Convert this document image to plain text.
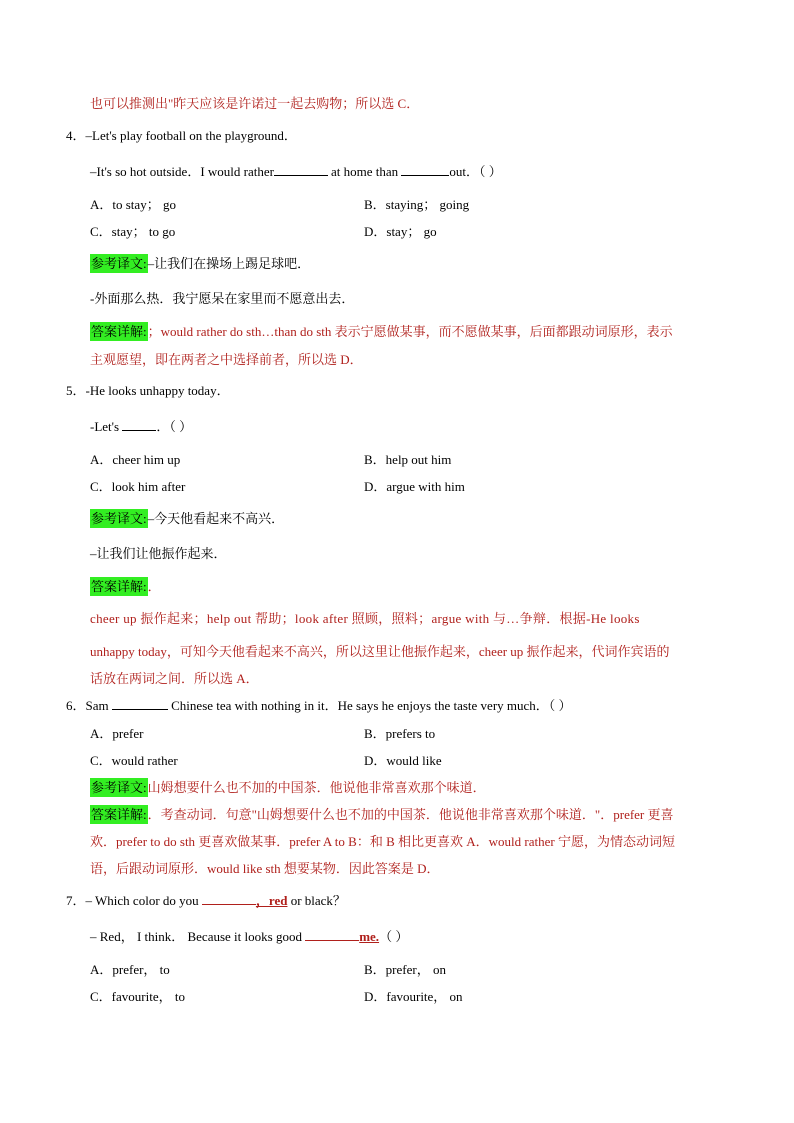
也可以推测出"昨天应该是许诺过一起去购物；所以选 C．
4．–Let's play football on the playground．
–It's so hot outside．I would rather	at home than	out．（ ）
A．to stay； go	B．staying； going
C．stay； to go	D．stay； go
参考译文:–让我们在操场上踢足球吧．
-外面那么热．我宁愿呆在家里而不愿意出去．
答案详解:；would rather do sth…than do sth 表示宁愿做某事，而不愿做某事，后面都跟动词原形，表示
主观愿望，即在两者之中选择前者，所以选 D．
5．-He looks unhappy today．
-Let's	．（ ）
A．cheer him up	B．help out him
C．look him after	D．argue with him
参考译文:–今天他看起来不高兴．
–让我们让他振作起来．
答案详解:．
cheer up 振作起来；help out 帮助；look after 照顾，照料；argue with 与…争辩．根据-He looks
unhappy today，可知今天他看起来不高兴，所以这里让他振作起来，cheer up 振作起来，代词作宾语的
话放在两词之间．所以选 A．
6．Sam	Chinese tea with nothing in it．He says he enjoys the taste very much．（ ）
A．prefer	B．prefers to
C．would rather	D．would like
参考译文:山姆想要什么也不加的中国茶．他说他非常喜欢那个味道．
答案详解:．考查动词．句意"山姆想要什么也不加的中国茶．他说他非常喜欢那个味道．"．prefer 更喜
欢．prefer to do sth 更喜欢做某事．prefer A to B：和 B 相比更喜欢 A．would rather 宁愿，为情态动词短
语，后跟动词原形．would like sth 想要某物．因此答案是 D．
7．– Which color do you	，red or black？
– Red， I think． Because it looks good	me.（ ）
A．prefer， to	B．prefer， on
C．favourite， to	D．favourite， on
